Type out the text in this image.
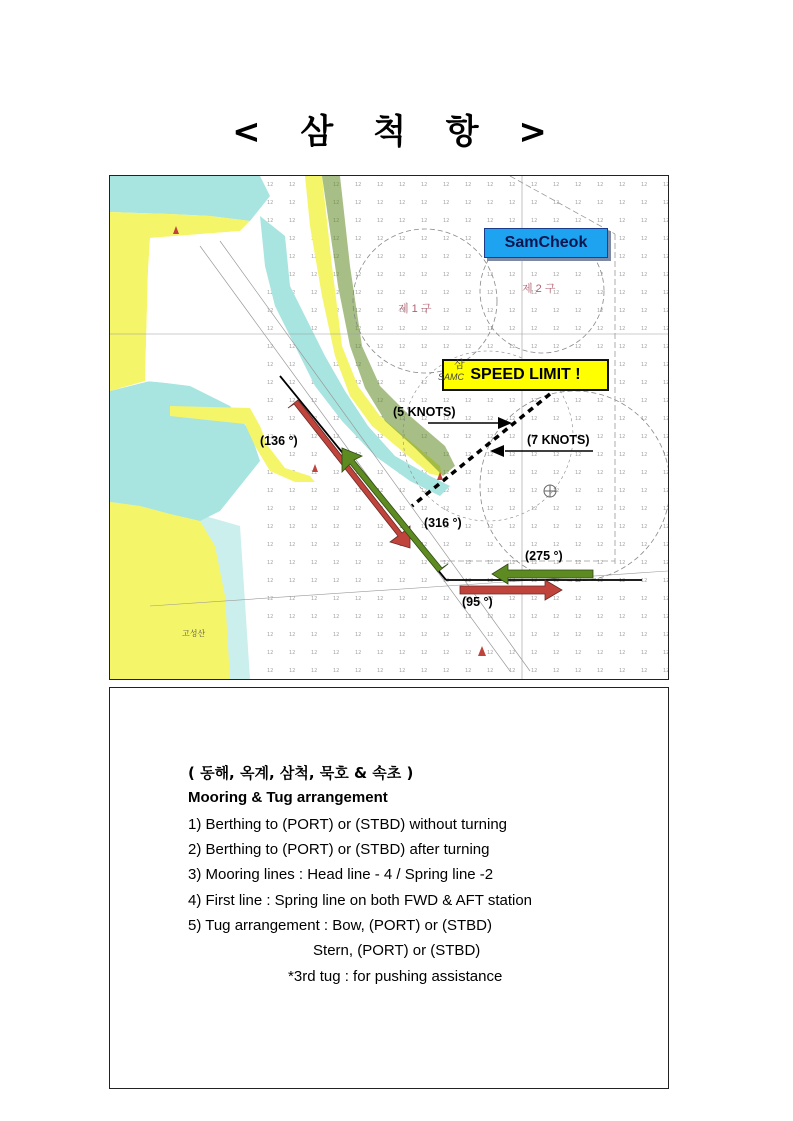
< 삼 척 항 >
SamCheok
SPEED LIMIT !
(5 KNOTS)
(7 KNOTS)
(136 °)
(316 °)
(275 °)
(95 °)
제 1 구
제 2 구
삼
SAMC
고성산
( 동해, 옥계, 삼척, 묵호 & 속초 )
Mooring & Tug arrangement
1) Berthing to (PORT) or (STBD) without turning
2) Berthing to (PORT) or (STBD) after turning
3) Mooring lines : Head line - 4 / Spring line -2
4) First line : Spring line on both FWD & AFT station
5) Tug arrangement : Bow, (PORT) or (STBD)
Stern, (PORT) or (STBD)
*3rd tug : for pushing assistance
